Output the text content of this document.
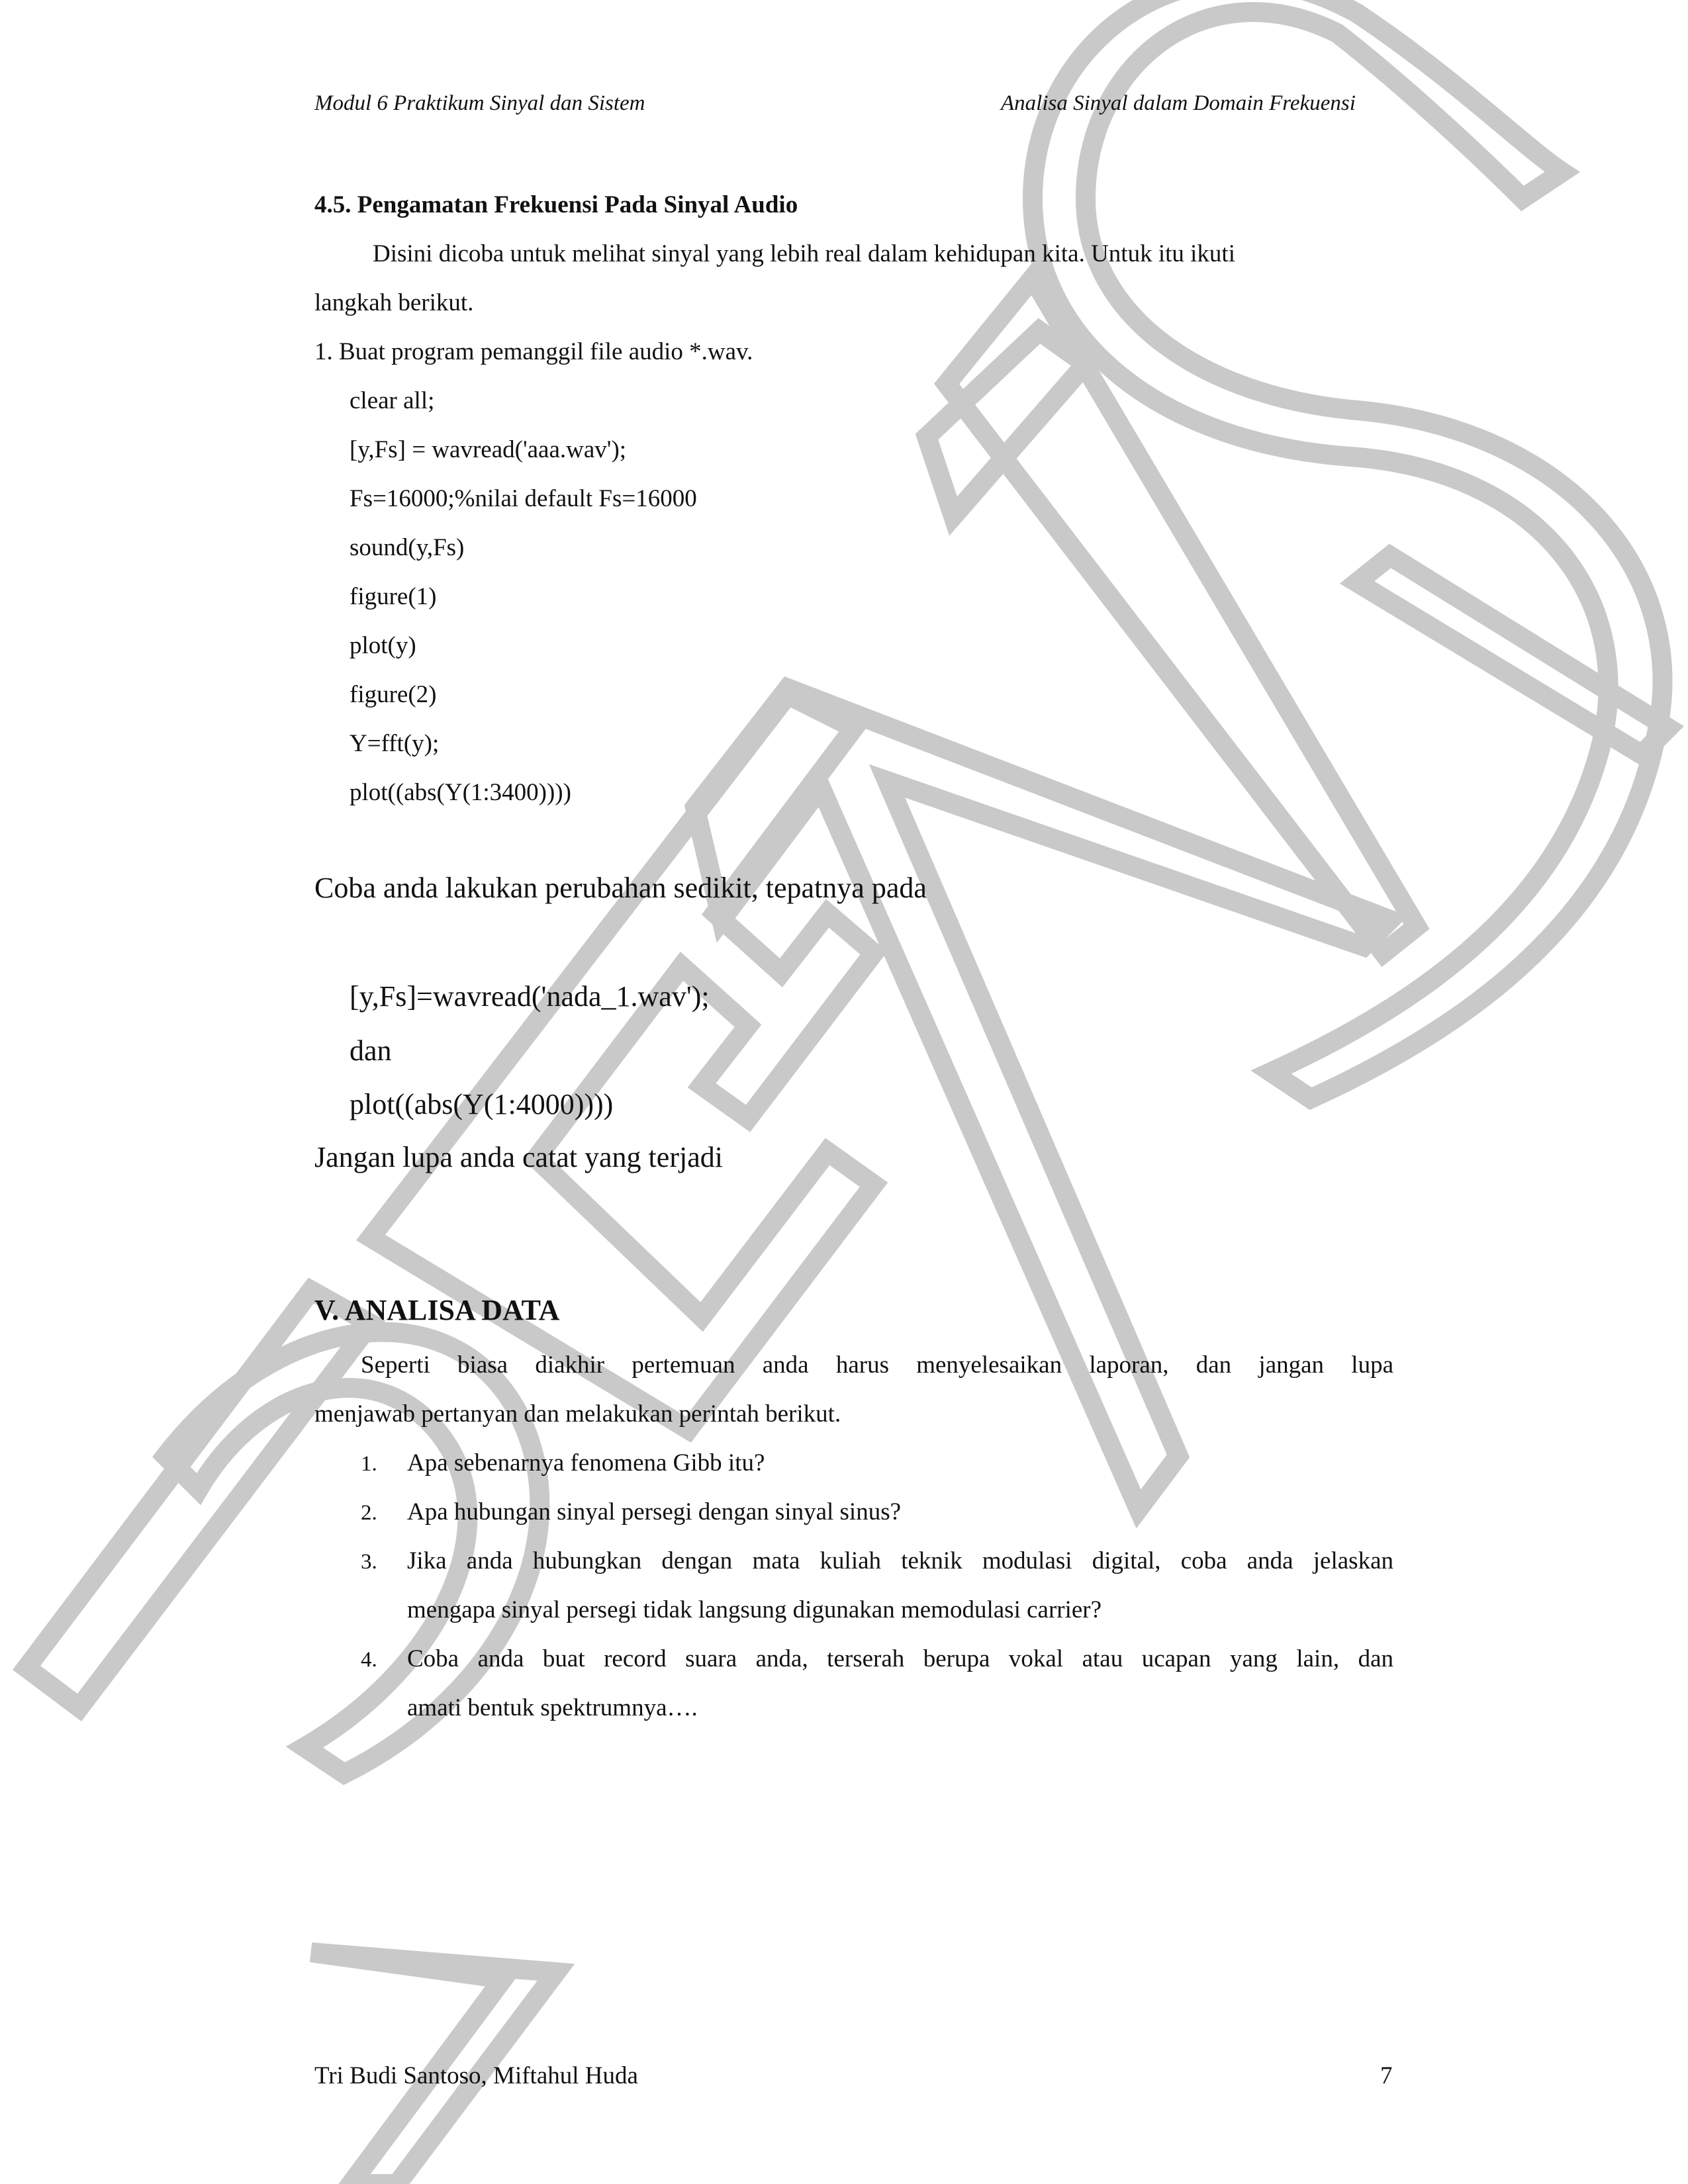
Modul 6 Praktikum Sinyal dan Sistem	Analisa Sinyal dalam Domain Frekuensi
4.5. Pengamatan Frekuensi Pada Sinyal Audio
Disini dicoba untuk melihat sinyal yang lebih real dalam kehidupan kita. Untuk itu ikuti
langkah berikut.
1. Buat program pemanggil file audio *.wav.
clear all;
[y,Fs] = wavread('aaa.wav');
Fs=16000;%nilai default Fs=16000
sound(y,Fs)
figure(1)
plot(y)
figure(2)
Y=fft(y);
plot((abs(Y(1:3400))))
Coba anda lakukan perubahan sedikit, tepatnya pada
[y,Fs]=wavread('nada_1.wav');
dan
plot((abs(Y(1:4000))))
Jangan lupa anda catat yang terjadi
V. ANALISA DATA
Seperti biasa diakhir pertemuan anda harus menyelesaikan laporan, dan jangan lupa
menjawab pertanyan dan melakukan perintah berikut.
1. Apa sebenarnya fenomena Gibb itu?
2. Apa hubungan sinyal persegi dengan sinyal sinus?
3.	Jika anda hubungkan dengan mata kuliah teknik modulasi digital, coba anda jelaskan
mengapa sinyal persegi tidak langsung digunakan memodulasi carrier?
4.	Coba anda buat record suara anda, terserah berupa vokal atau ucapan yang lain, dan
amati bentuk spektrumnya….
Tri Budi Santoso, Miftahul Huda	7
